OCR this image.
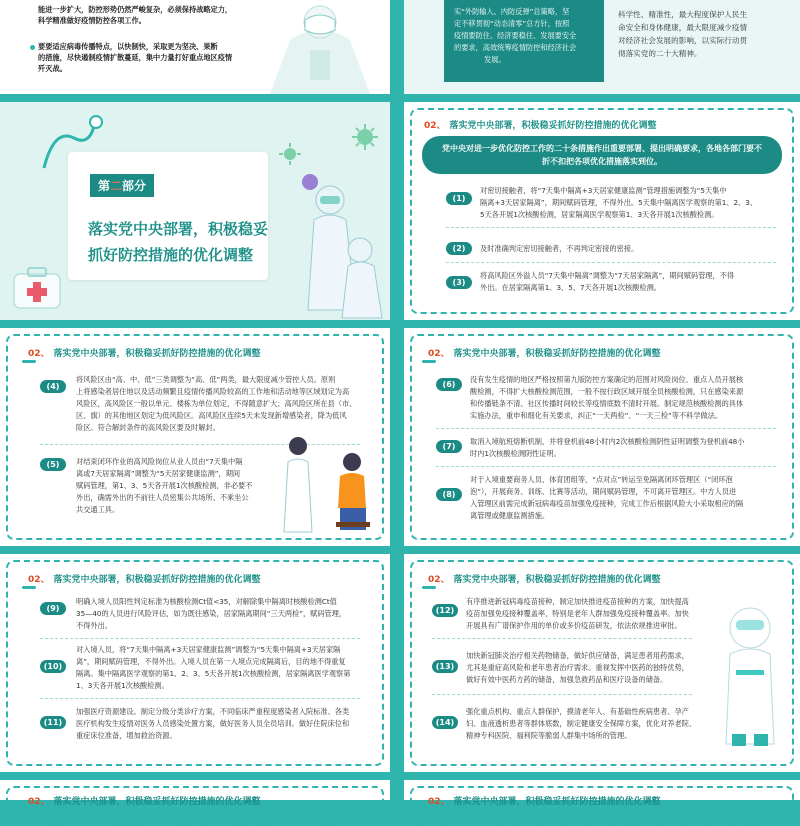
能进一步扩大，防控形势仍然严峻复杂，必须保持战略定力，
科学精准做好疫情防控各项工作。
要要适应病毒传播特点，以快制快，采取更为坚决、果断
的措施，尽快遏制疫情扩散蔓延，集中力量打好重点地区疫情
歼灭战。
实“外防输入、内防反弹”总策略，坚
定不移贯彻“动态清零”总方针，按照
疫情要防住、经济要稳住、发展要安全
的要求，高效统筹疫情防控和经济社会
发展。
科学性、精准性，最大程度保护人民生
命安全和身体健康，最大限度减少疫情
对经济社会发展的影响，以实际行动贯
彻落实党的二十大精神。
第二部分
落实党中央部署，积极稳妥
抓好防控措施的优化调整
02、 落实党中央部署，积极稳妥抓好防控措施的优化调整
党中央对进一步优化防控工作的二十条措施作出重要部署、提出明确要求，各地各部门要不
折不扣把各项优化措施落实到位。
(1)
对密切接触者，将“7天集中隔离+3天居家健康监测”管理措施调整为“5天集中
隔离+3天居家隔离”，期间赋码管理，不得外出。5天集中隔离医学观察的第1、2、3、
5天各开展1次核酸检测，居家隔离医学观察第1、3天各开展1次核酸检测。
(2)	及时准确判定密切接触者，不再判定密接的密接。
(3)
将高风险区外溢人员“7天集中隔离”调整为“7天居家隔离”，期间赋码管理，不得
外出。在居家隔离第1、3、5、7天各开展1次核酸检测。
02、 落实党中央部署，积极稳妥抓好防控措施的优化调整
(4)
将风险区由“高、中、低”三类调整为“高、低”两类，最大限度减少管控人员。原则
上将感染者居住地以及活动频繁且疫情传播风险较高的工作地和活动地等区域划定为高
风险区，高风险区一般以单元、楼栋为单位划定，不得随意扩大；高风险区所在县（市、
区、旗）的其他地区划定为低风险区。高风险区连续5天未发现新增感染者，降为低风
险区。符合解封条件的高风险区要及时解封。
(5)	对结束闭环作业的高风险岗位从业人员由“7天集中隔
离或7天居家隔离”调整为“5天居家健康监测”，期间
赋码管理，第1、3、5天各开展1次核酸检测，非必要不
外出，确需外出的不前往人员密集公共场所、不乘坐公
共交通工具。
02、 落实党中央部署，积极稳妥抓好防控措施的优化调整
(6)
没有发生疫情的地区严格按照第九版防控方案确定的范围对风险岗位、重点人员开展核
酸检测，不得扩大核酸检测范围，一般不按行政区域开展全员核酸检测，只在感染来源
和传播链条不清、社区传播时间较长等疫情底数不清时开展。制定规范核酸检测的具体
实施办法，重申和细化有关要求，纠正“一天两检”、“一天三检”等不科学做法。
(7)
取消入境航班熔断机制，并将登机前48小时内2次核酸检测阴性证明调整为登机前48小
时内1次核酸检测阴性证明。
(8)
对于入境重要商务人员、体育团组等，“点对点”转运至免隔离闭环管理区（“闭环泡
泡”），开展商务、训练、比赛等活动，期间赋码管理，不可离开管理区。中方人员进
入管理区前需完成新冠病毒疫苗加强免疫接种，完成工作后根据风险大小采取相应的隔
离管理或健康监测措施。
02、 落实党中央部署，积极稳妥抓好防控措施的优化调整
(9)
明确入境人员阳性判定标准为核酸检测Ct值<35，对解除集中隔离时核酸检测Ct值
35—40的人员进行风险评估，如为既往感染，居家隔离期间“三天两检”，赋码管理，
不得外出。
(10)
对入境人员，将“7天集中隔离+3天居家健康监测”调整为“5天集中隔离+3天居家隔
离”，期间赋码管理，不得外出。入境人员在第一入境点完成隔离后，目的地不得重复
隔离。集中隔离医学观察的第1、2、3、5天各开展1次核酸检测，居家隔离医学观察第
1、3天各开展1次核酸检测。
(11)
加强医疗资源建设。制定分级分类诊疗方案，不同临床严重程度感染者入院标准、各类
医疗机构发生疫情对医务人员感染处置方案，做好医务人员全员培训。做好住院床位和
重症床位准备，增加救治资源。
02、 落实党中央部署，积极稳妥抓好防控措施的优化调整
(12)
有序推进新冠病毒疫苗接种，制定加快推进疫苗接种的方案，加快提高
疫苗加强免疫接种覆盖率，特别是老年人群加强免疫接种覆盖率。加快
开展具有广谱保护作用的单价或多价疫苗研发，依法依规推进审批。
(13)
加快新冠肺炎治疗相关药物储备，做好供应储备，满足患者用药需求，
尤其是重症高风险和老年患者治疗需求。重视发挥中医药的独特优势，
做好有效中医药方药的储备，加强急救药品和医疗设备的储备。
(14)
强化重点机构、重点人群保护，摸清老年人、有基础性疾病患者、孕产
妇、血液透析患者等群体底数，制定健康安全保障方案，优化对养老院、
精神专科医院、福利院等脆弱人群集中场所的管理。
02、 落实党中央部署，积极稳妥抓好防控措施的优化调整	02、 落实党中央部署，积极稳妥抓好防控措施的优化调整
